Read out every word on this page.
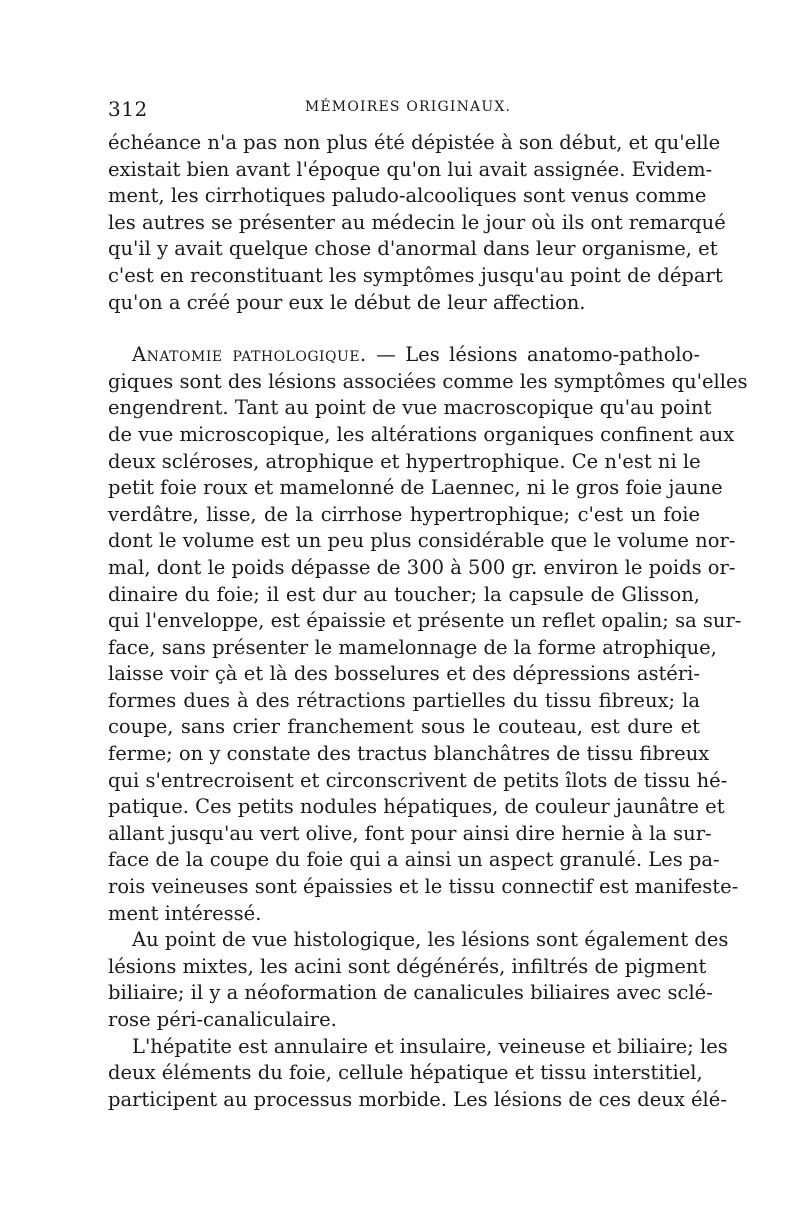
312	MÉMOIRES ORIGINAUX.
échéance n'a pas non plus été dépistée à son début, et qu'elle
existait bien avant l'époque qu'on lui avait assignée. Evidem-
ment, les cirrhotiques paludo-alcooliques sont venus comme
les autres se présenter au médecin le jour où ils ont remarqué
qu'il y avait quelque chose d'anormal dans leur organisme, et
c'est en reconstituant les symptômes jusqu'au point de départ
qu'on a créé pour eux le début de leur affection.
Anatomie pathologique. — Les lésions anatomo-patholo-
giques sont des lésions associées comme les symptômes qu'elles
engendrent. Tant au point de vue macroscopique qu'au point
de vue microscopique, les altérations organiques confinent aux
deux scléroses, atrophique et hypertrophique. Ce n'est ni le
petit foie roux et mamelonné de Laennec, ni le gros foie jaune
verdâtre, lisse, de la cirrhose hypertrophique; c'est un foie
dont le volume est un peu plus considérable que le volume nor-
mal, dont le poids dépasse de 300 à 500 gr. environ le poids or-
dinaire du foie; il est dur au toucher; la capsule de Glisson,
qui l'enveloppe, est épaissie et présente un reflet opalin; sa sur-
face, sans présenter le mamelonnage de la forme atrophique,
laisse voir çà et là des bosselures et des dépressions astéri-
formes dues à des rétractions partielles du tissu fibreux; la
coupe, sans crier franchement sous le couteau, est dure et
ferme; on y constate des tractus blanchâtres de tissu fibreux
qui s'entrecroisent et circonscrivent de petits îlots de tissu hé-
patique. Ces petits nodules hépatiques, de couleur jaunâtre et
allant jusqu'au vert olive, font pour ainsi dire hernie à la sur-
face de la coupe du foie qui a ainsi un aspect granulé. Les pa-
rois veineuses sont épaissies et le tissu connectif est manifeste-
ment intéressé.
Au point de vue histologique, les lésions sont également des
lésions mixtes, les acini sont dégénérés, infiltrés de pigment
biliaire; il y a néoformation de canalicules biliaires avec sclé-
rose péri-canaliculaire.
L'hépatite est annulaire et insulaire, veineuse et biliaire; les
deux éléments du foie, cellule hépatique et tissu interstitiel,
participent au processus morbide. Les lésions de ces deux élé-
